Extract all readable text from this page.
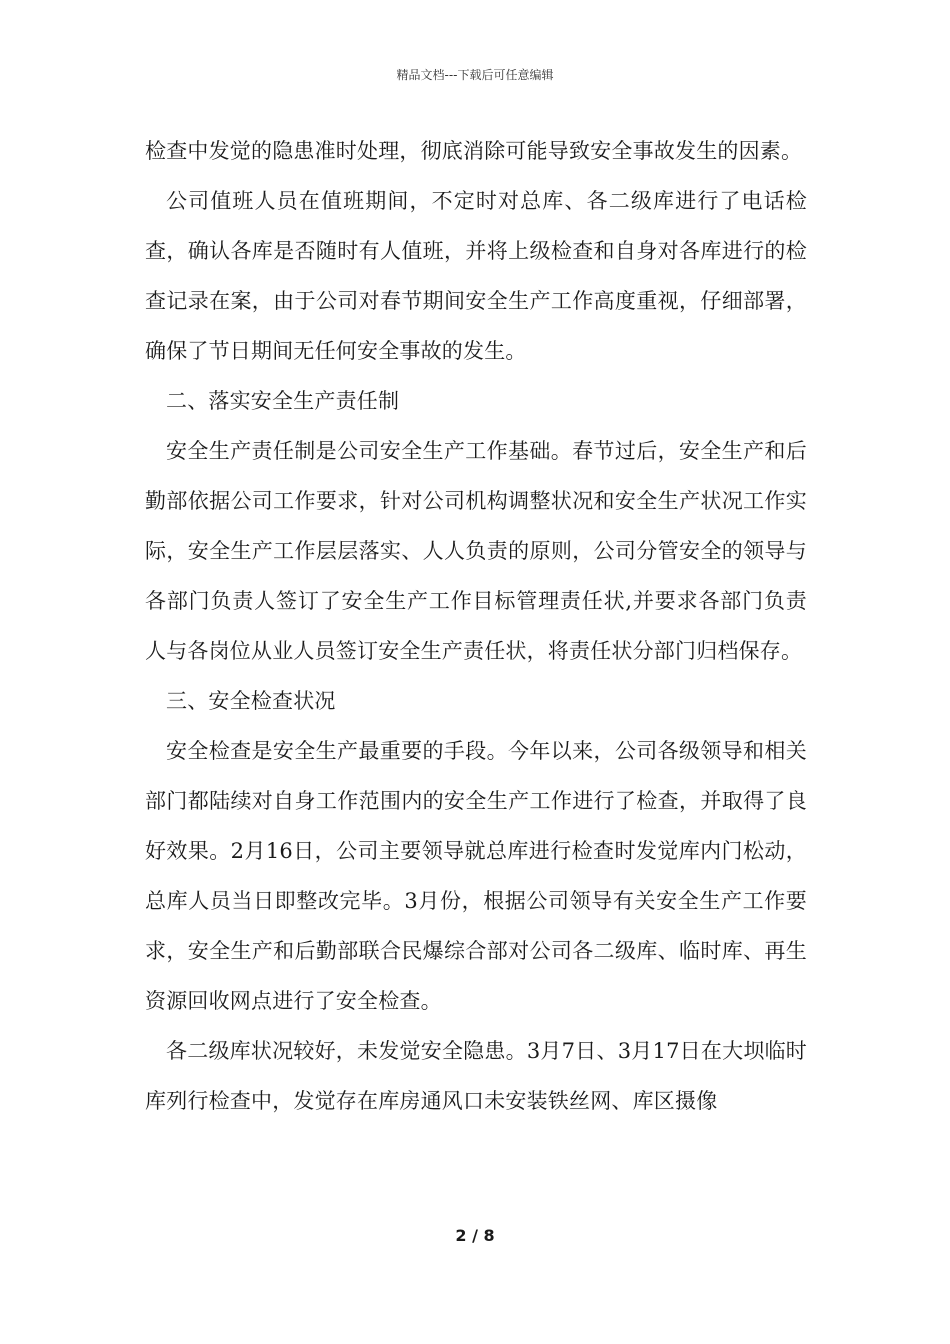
精品文档---下载后可任意编辑

检查中发觉的隐患准时处理，彻底消除可能导致安全事故发生的因素。

公司值班人员在值班期间，不定时对总库、各二级库进行了电话检查，确认各库是否随时有人值班，并将上级检查和自身对各库进行的检查记录在案，由于公司对春节期间安全生产工作高度重视，仔细部署，确保了节日期间无任何安全事故的发生。

二、落实安全生产责任制

安全生产责任制是公司安全生产工作基础。春节过后，安全生产和后勤部依据公司工作要求，针对公司机构调整状况和安全生产状况工作实际，安全生产工作层层落实、人人负责的原则，公司分管安全的领导与各部门负责人签订了安全生产工作目标管理责任状,并要求各部门负责人与各岗位从业人员签订安全生产责任状，将责任状分部门归档保存。

三、安全检查状况

安全检查是安全生产最重要的手段。今年以来，公司各级领导和相关部门都陆续对自身工作范围内的安全生产工作进行了检查，并取得了良好效果。2月16日，公司主要领导就总库进行检查时发觉库内门松动，总库人员当日即整改完毕。3月份，根据公司领导有关安全生产工作要求，安全生产和后勤部联合民爆综合部对公司各二级库、临时库、再生资源回收网点进行了安全检查。

各二级库状况较好，未发觉安全隐患。3月7日、3月17日在大坝临时库列行检查中，发觉存在库房通风口未安装铁丝网、库区摄像

2 / 8
